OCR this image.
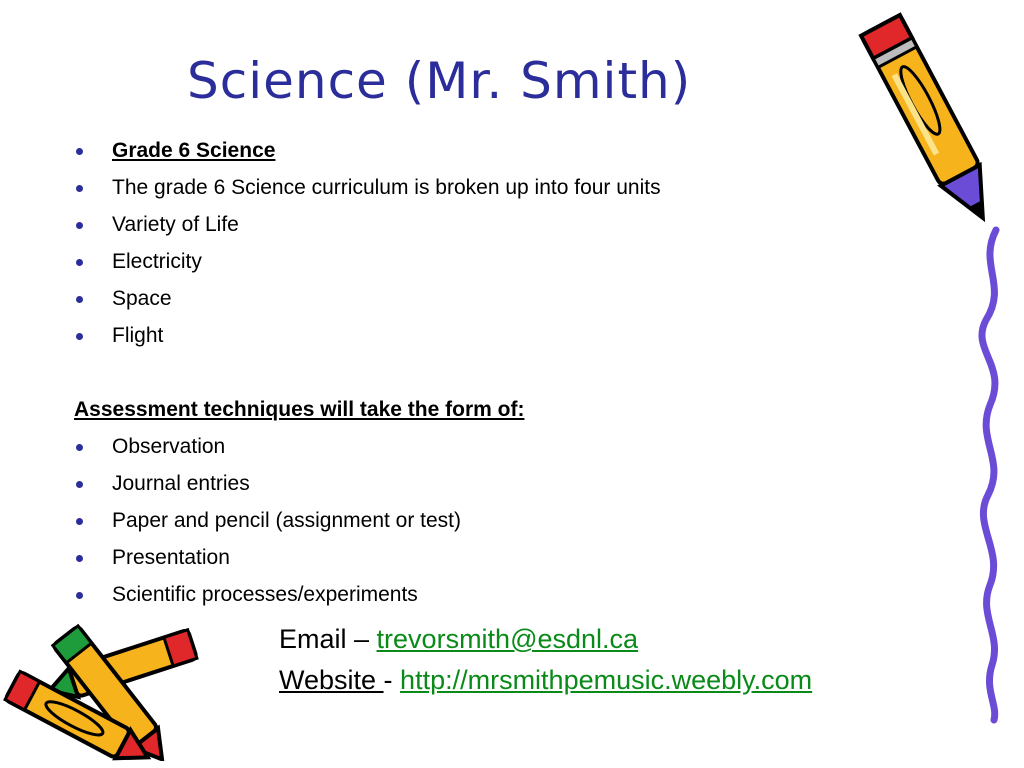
Science (Mr. Smith)
Grade 6 Science
The grade 6 Science curriculum is broken up into four units
Variety of Life
Electricity
Space
Flight
Assessment techniques will take the form of:
Observation
Journal entries
Paper and pencil (assignment or test)
Presentation
Scientific processes/experiments
Email – trevorsmith@esdnl.ca
Website - http://mrsmithpemusic.weebly.com
